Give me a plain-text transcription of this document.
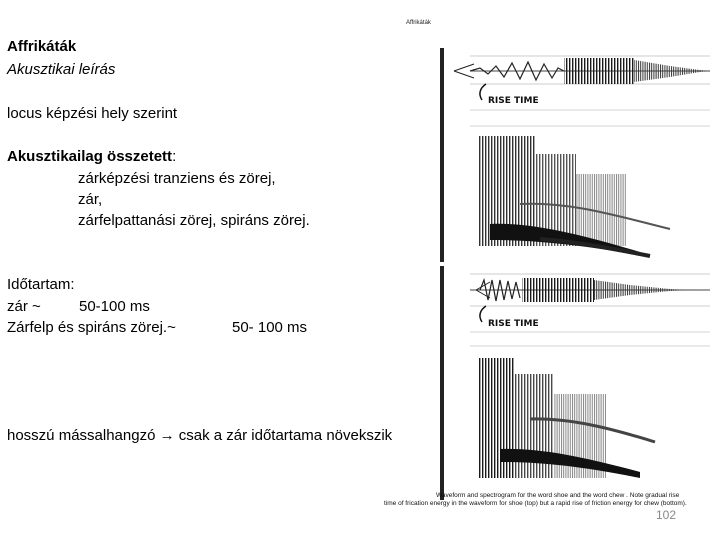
Affrikáták
Affrikáták
Akusztikai leírás
locus képzési hely szerint
Akusztikailag összetett:
zárképzési tranziens és zörej,
zár,
zárfelpattanási zörej, spiráns zörej.
Időtartam:
zár ~	50-100 ms
Zárfelp és spiráns zörej.~	50- 100 ms
RISE TIME
RISE TIME
hosszú mássalhangzó → csak a zár időtartama növekszik
Waveform and spectrogram for the word shoe and the word chew . Note gradual rise
time of frication energy in the waveform for shoe (top) but a rapid rise of friction energy for chew (bottom).
102
